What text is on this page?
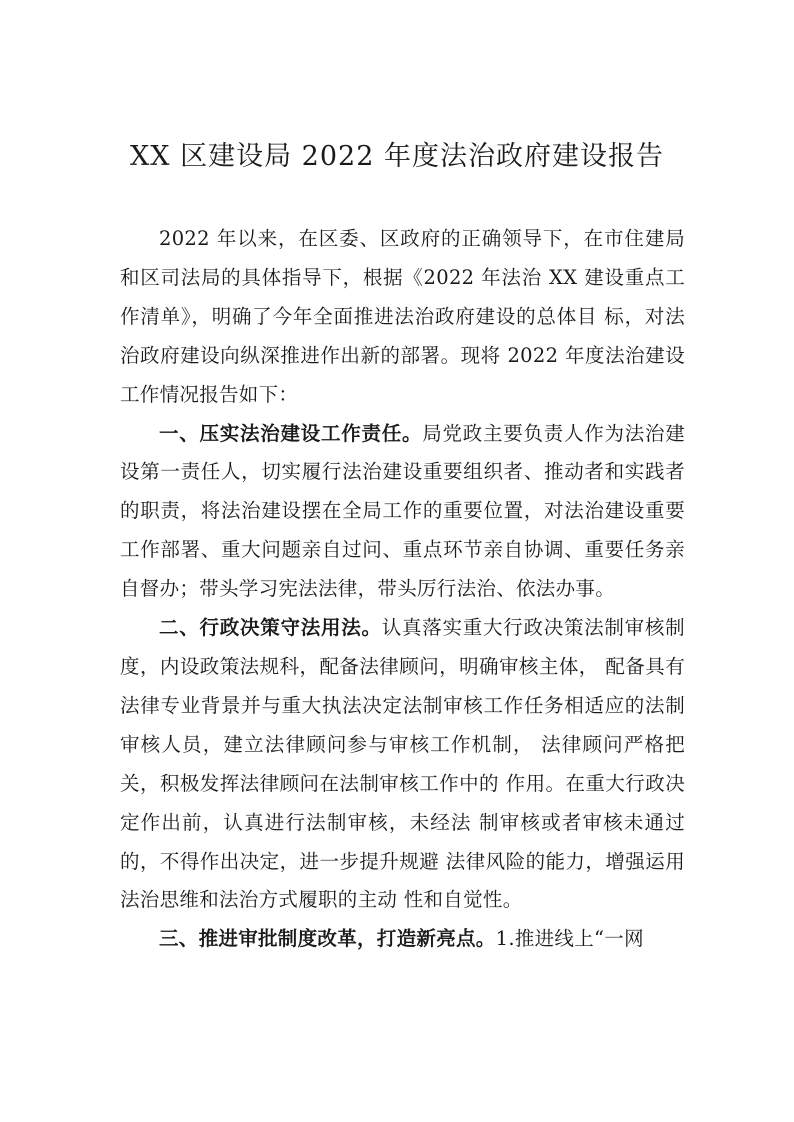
XX 区建设局 2022 年度法治政府建设报告

2022 年以来，在区委、区政府的正确领导下，在市住建局和区司法局的具体指导下，根据《2022 年法治 XX 建设重点工作清单》，明确了今年全面推进法治政府建设的总体目 标，对法治政府建设向纵深推进作出新的部署。现将 2022 年度法治建设工作情况报告如下：

一、压实法治建设工作责任。局党政主要负责人作为法治建设第一责任人，切实履行法治建设重要组织者、推动者和实践者的职责，将法治建设摆在全局工作的重要位置，对法治建设重要工作部署、重大问题亲自过问、重点环节亲自协调、重要任务亲自督办；带头学习宪法法律，带头厉行法治、依法办事。

二、行政决策守法用法。认真落实重大行政决策法制审核制度，内设政策法规科，配备法律顾问，明确审核主体， 配备具有法律专业背景并与重大执法决定法制审核工作任务相适应的法制审核人员，建立法律顾问参与审核工作机制， 法律顾问严格把关，积极发挥法律顾问在法制审核工作中的 作用。在重大行政决定作出前，认真进行法制审核，未经法 制审核或者审核未通过的，不得作出决定，进一步提升规避 法律风险的能力，增强运用法治思维和法治方式履职的主动 性和自觉性。

三、推进审批制度改革，打造新亮点。1.推进线上“一网
